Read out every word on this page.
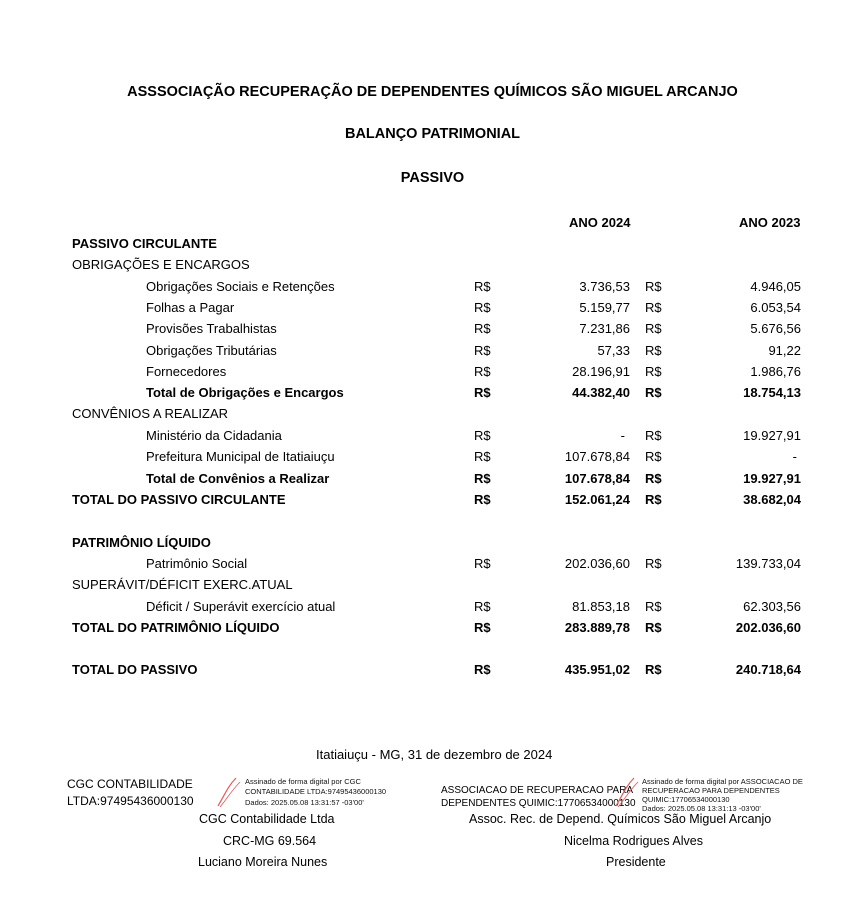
ASSSOCIAÇÃO RECUPERAÇÃO DE DEPENDENTES QUÍMICOS SÃO MIGUEL ARCANJO
BALANÇO PATRIMONIAL
PASSIVO
ANO 2024	ANO 2023
PASSIVO CIRCULANTE
OBRIGAÇÕES E ENCARGOS
Obrigações Sociais e Retenções	R$	3.736,53 R$	4.946,05
Folhas a Pagar	R$	5.159,77 R$	6.053,54
Provisões Trabalhistas	R$	7.231,86 R$	5.676,56
Obrigações Tributárias	R$	57,33 R$	91,22
Fornecedores	R$	28.196,91 R$	1.986,76
Total de Obrigações e Encargos	R$	44.382,40 R$	18.754,13
CONVÊNIOS A REALIZAR
Ministério da Cidadania	R$	- R$	19.927,91
Prefeitura Municipal de Itatiaiuçu	R$	107.678,84 R$	-
Total de Convênios a Realizar	R$	107.678,84 R$	19.927,91
TOTAL DO PASSIVO CIRCULANTE	R$	152.061,24 R$	38.682,04
PATRIMÔNIO LÍQUIDO
Patrimônio Social	R$	202.036,60 R$	139.733,04
SUPERÁVIT/DÉFICIT EXERC.ATUAL
Déficit / Superávit exercício atual	R$	81.853,18 R$	62.303,56
TOTAL DO PATRIMÔNIO LÍQUIDO	R$	283.889,78 R$	202.036,60
TOTAL DO PASSIVO	R$	435.951,02 R$	240.718,64
Itatiaiuçu - MG, 31 de dezembro de 2024
CGC CONTABILIDADE
LTDA:97495436000130
Assinado de forma digital por CGC
CONTABILIDADE LTDA:97495436000130
Dados: 2025.05.08 13:31:57 -03'00'
CGC Contabilidade Ltda
CRC-MG 69.564
Luciano Moreira Nunes
ASSOCIACAO DE RECUPERACAO PARA
DEPENDENTES QUIMIC:17706534000130
Assinado de forma digital por ASSOCIACAO DE
RECUPERACAO PARA DEPENDENTES
QUIMIC:17706534000130
Dados: 2025.05.08 13:31:13 -03'00'
Assoc. Rec. de Depend. Químicos São Miguel Arcanjo
Nicelma Rodrigues Alves
Presidente
